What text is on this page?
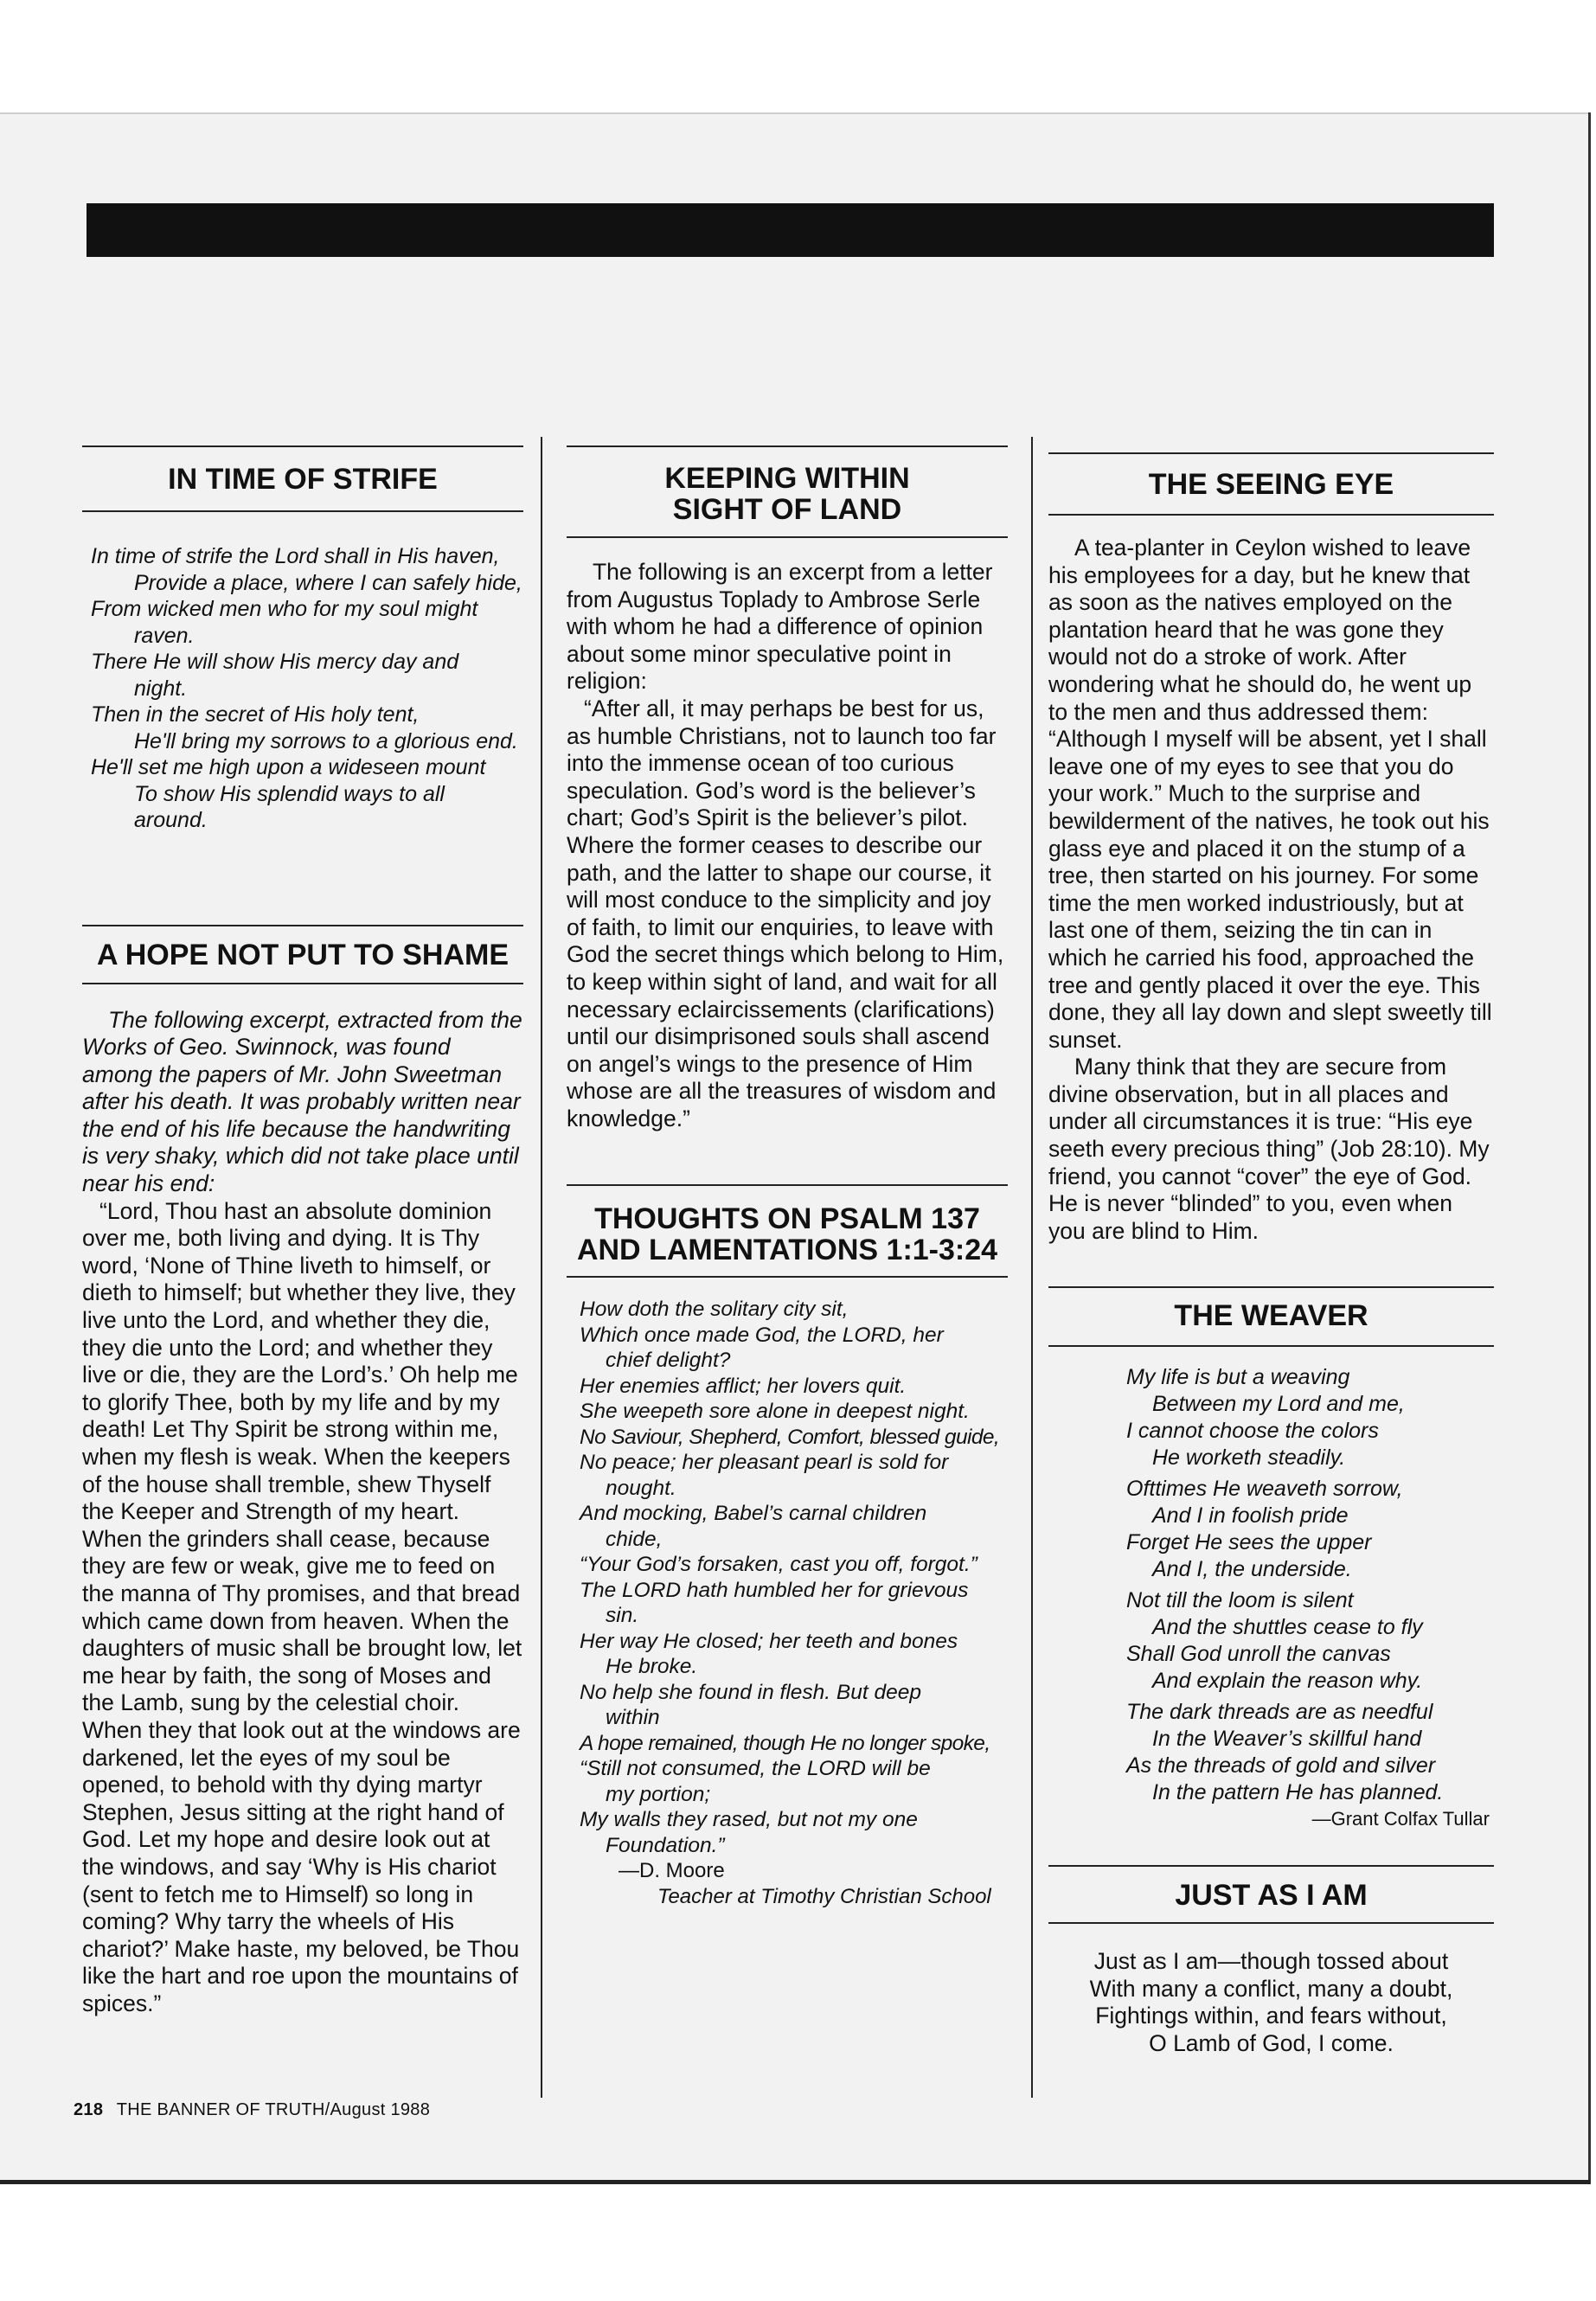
IN TIME OF STRIFE
In time of strife the Lord shall in His haven,
Provide a place, where I can safely hide,
From wicked men who for my soul might
raven.
There He will show His mercy day and
night.
Then in the secret of His holy tent,
He'll bring my sorrows to a glorious end.
He'll set me high upon a wideseen mount
To show His splendid ways to all around.
A HOPE NOT PUT TO SHAME

The following excerpt, extracted from the Works of Geo. Swinnock, was found among the papers of Mr. John Sweetman after his death. It was probably written near the end of his life because the handwriting is very shaky, which did not take place until near his end:

“Lord, Thou hast an absolute dominion over me, both living and dying. It is Thy word, ‘None of Thine liveth to himself, or dieth to himself; but whether they live, they live unto the Lord, and whether they die, they die unto the Lord; and whether they live or die, they are the Lord’s.’ Oh help me to glorify Thee, both by my life and by my death! Let Thy Spirit be strong within me, when my flesh is weak. When the keepers of the house shall tremble, shew Thyself the Keeper and Strength of my heart. When the grinders shall cease, because they are few or weak, give me to feed on the manna of Thy promises, and that bread which came down from heaven. When the daughters of music shall be brought low, let me hear by faith, the song of Moses and the Lamb, sung by the celestial choir. When they that look out at the windows are darkened, let the eyes of my soul be opened, to behold with thy dying martyr Stephen, Jesus sitting at the right hand of God. Let my hope and desire look out at the windows, and say ‘Why is His chariot (sent to fetch me to Himself) so long in coming? Why tarry the wheels of His chariot?’ Make haste, my beloved, be Thou like the hart and roe upon the mountains of spices.”

KEEPING WITHIN
SIGHT OF LAND

The following is an excerpt from a letter from Augustus Toplady to Ambrose Serle with whom he had a difference of opinion about some minor speculative point in religion:

“After all, it may perhaps be best for us, as humble Christians, not to launch too far into the immense ocean of too curious speculation. God’s word is the believer’s chart; God’s Spirit is the believer’s pilot. Where the former ceases to describe our path, and the latter to shape our course, it will most conduce to the simplicity and joy of faith, to limit our enquiries, to leave with God the secret things which belong to Him, to keep within sight of land, and wait for all necessary eclaircissements (clarifications) until our disimprisoned souls shall ascend on angel’s wings to the presence of Him whose are all the treasures of wisdom and knowledge.”

THOUGHTS ON PSALM 137
AND LAMENTATIONS 1:1-3:24
How doth the solitary city sit,
Which once made God, the LORD, her
chief delight?
Her enemies afflict; her lovers quit.
She weepeth sore alone in deepest night.
No Saviour, Shepherd, Comfort, blessed guide,
No peace; her pleasant pearl is sold for
nought.
And mocking, Babel’s carnal children
chide,
“Your God’s forsaken, cast you off, forgot.”
The LORD hath humbled her for grievous
sin.
Her way He closed; her teeth and bones
He broke.
No help she found in flesh. But deep
within
A hope remained, though He no longer spoke,
“Still not consumed, the LORD will be
my portion;
My walls they rased, but not my one
Foundation.”
—D. Moore
Teacher at Timothy Christian School
THE SEEING EYE

A tea-planter in Ceylon wished to leave his employees for a day, but he knew that as soon as the natives employed on the plantation heard that he was gone they would not do a stroke of work. After wondering what he should do, he went up to the men and thus addressed them: “Although I myself will be absent, yet I shall leave one of my eyes to see that you do your work.” Much to the surprise and bewilderment of the natives, he took out his glass eye and placed it on the stump of a tree, then started on his journey. For some time the men worked industriously, but at last one of them, seizing the tin can in which he carried his food, approached the tree and gently placed it over the eye. This done, they all lay down and slept sweetly till sunset.

Many think that they are secure from divine observation, but in all places and under all circumstances it is true: “His eye seeth every precious thing” (Job 28:10). My friend, you cannot “cover” the eye of God. He is never “blinded” to you, even when you are blind to Him.

THE WEAVER
My life is but a weaving
Between my Lord and me,
I cannot choose the colors
He worketh steadily.
Ofttimes He weaveth sorrow,
And I in foolish pride
Forget He sees the upper
And I, the underside.
Not till the loom is silent
And the shuttles cease to fly
Shall God unroll the canvas
And explain the reason why.
The dark threads are as needful
In the Weaver’s skillful hand
As the threads of gold and silver
In the pattern He has planned.
—Grant Colfax Tullar
JUST AS I AM
Just as I am—though tossed about
With many a conflict, many a doubt,
Fightings within, and fears without,
O Lamb of God, I come.
218 THE BANNER OF TRUTH/August 1988
